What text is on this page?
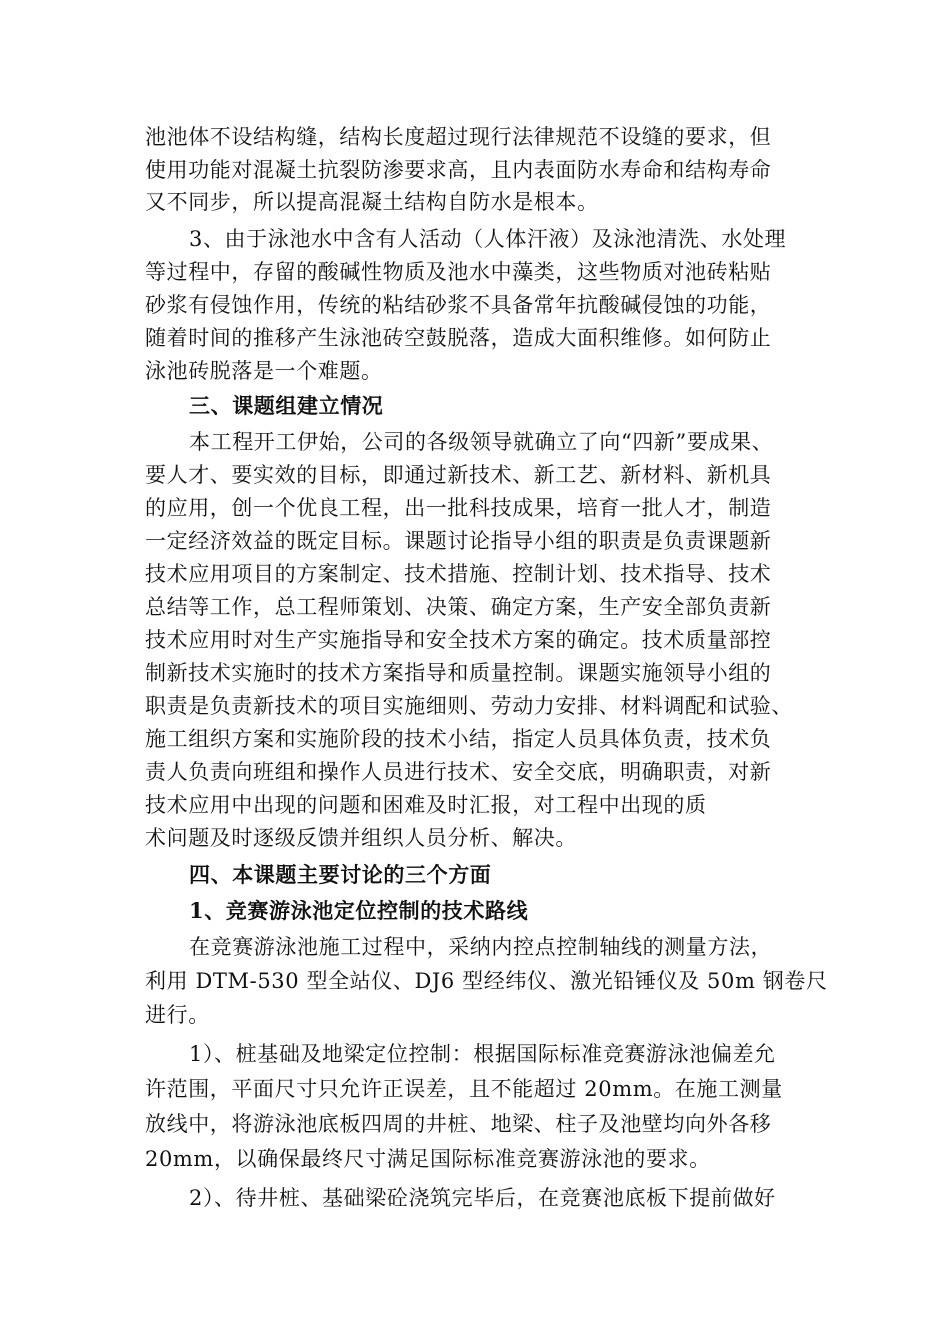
池池体不设结构缝，结构长度超过现行法律规范不设缝的要求，但
使用功能对混凝土抗裂防渗要求高，且内表面防水寿命和结构寿命
又不同步，所以提高混凝土结构自防水是根本。
3、由于泳池水中含有人活动（人体汗液）及泳池清洗、水处理
等过程中，存留的酸碱性物质及池水中藻类，这些物质对池砖粘贴
砂浆有侵蚀作用，传统的粘结砂浆不具备常年抗酸碱侵蚀的功能，
随着时间的推移产生泳池砖空鼓脱落，造成大面积维修。如何防止
泳池砖脱落是一个难题。
三、课题组建立情况
本工程开工伊始，公司的各级领导就确立了向“四新”要成果、
要人才、要实效的目标，即通过新技术、新工艺、新材料、新机具
的应用，创一个优良工程，出一批科技成果，培育一批人才，制造
一定经济效益的既定目标。课题讨论指导小组的职责是负责课题新
技术应用项目的方案制定、技术措施、控制计划、技术指导、技术
总结等工作，总工程师策划、决策、确定方案，生产安全部负责新
技术应用时对生产实施指导和安全技术方案的确定。技术质量部控
制新技术实施时的技术方案指导和质量控制。课题实施领导小组的
职责是负责新技术的项目实施细则、劳动力安排、材料调配和试验、
施工组织方案和实施阶段的技术小结，指定人员具体负责，技术负
责人负责向班组和操作人员进行技术、安全交底，明确职责，对新
技术应用中出现的问题和困难及时汇报，对工程中出现的质
术问题及时逐级反馈并组织人员分析、解决。
四、本课题主要讨论的三个方面
1、竞赛游泳池定位控制的技术路线
在竞赛游泳池施工过程中，采纳内控点控制轴线的测量方法，
利用 DTM-530 型全站仪、DJ6 型经纬仪、激光铅锤仪及 50m 钢卷尺
进行。
1）、桩基础及地梁定位控制：根据国际标准竞赛游泳池偏差允
许范围，平面尺寸只允许正误差，且不能超过 20mm。在施工测量
放线中，将游泳池底板四周的井桩、地梁、柱子及池壁均向外各移
20mm，以确保最终尺寸满足国际标准竞赛游泳池的要求。
2）、待井桩、基础梁砼浇筑完毕后，在竞赛池底板下提前做好
